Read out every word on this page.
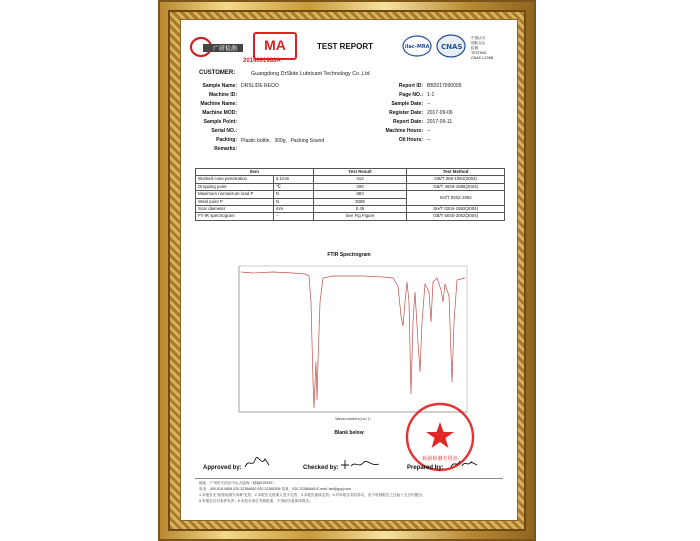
广研检测	MA
2014001983A
TEST REPORT	ilac-MRA CNAS
中国认可
国际互认
检测
TESTING
CNAS L2388
CUSTOMER:	Guangdong DrSlide Lubricant Technology Co.,Ltd
Sample Name: DRSLIDE REOO
Machine ID:
Machine Name:
Machine MOD:
Sample Point:
Serial NO.:
Packing: Plastic bottle，300g，Packing Sound
Remarks:
Report ID: BB2017090005
Page NO.: 1-1
Sample Date: --
Register Date: 2017-09-06
Report Date: 2017-09-11
Machine Hours: --
Oil Hours: --
Item		Test Result	Test Method
Worked cone penetration	0.1mm	412	GB/T 269-1991(2004)
Dropping point	℃	200	GB/T 4929-1985(2004)
Maximum nonseizure load P	N	883	SH/T 0202-1992
Weld point P	N	3089	
Scar diameter	mm	0.45	SH/T 0204-1992(2004)
FT-IR spectrogram	--	See Fig Figure	GB/T 6040-2002(2004)
FTIR Spectrogram
Wavenumbers(cm-1)
Blank below
检验检测专用章
Approved by:	Checked by:	Prepared by:
地址：广州市天河区中山大道西（邮编510530）
电话：400-818-0808 020-32386850 020-32385308 传真：020-32386848 E-mail: lab@gzyj.com
1.本报告无“检验检测专用章”无效；2.本报告无批准人签字无效；3.本报告涂改无效；4.对本报告若有异议，应于收到报告之日起十五日内提出。
5.本报告仅对来样负责；6.未经本单位书面批准，不得部分复制本报告。
